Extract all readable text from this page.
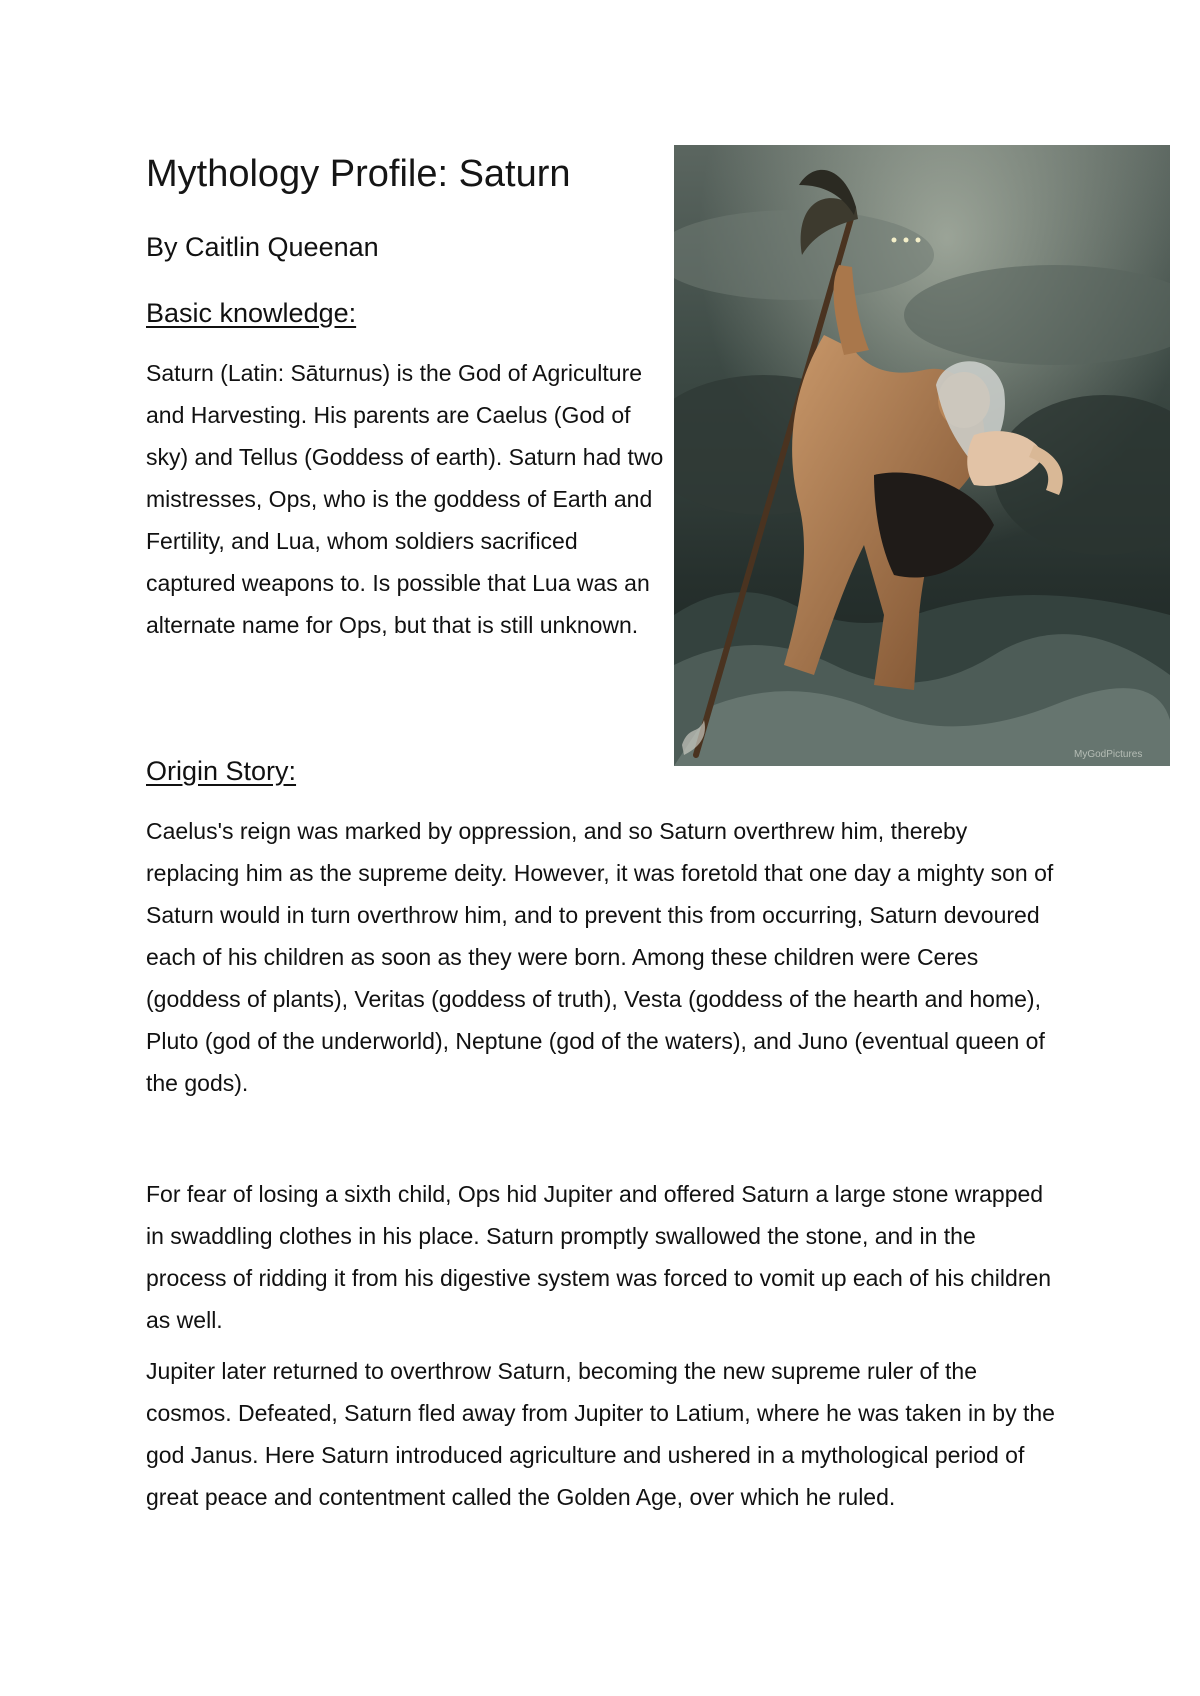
Mythology Profile: Saturn

By Caitlin Queenan

Basic knowledge:

Saturn (Latin: Sāturnus) is the God of Agriculture and Harvesting. His parents are Caelus (God of sky) and Tellus (Goddess of earth). Saturn had two mistresses, Ops, who is the goddess of Earth and Fertility, and Lua, whom soldiers sacrificed captured weapons to. Is possible that Lua was an alternate name for Ops, but that is still unknown.

MyGodPictures
Origin Story:

Caelus's reign was marked by oppression, and so Saturn overthrew him, thereby replacing him as the supreme deity. However, it was foretold that one day a mighty son of Saturn would in turn overthrow him, and to prevent this from occurring, Saturn devoured each of his children as soon as they were born. Among these children were Ceres (goddess of plants), Veritas (goddess of truth), Vesta (goddess of the hearth and home), Pluto (god of the underworld), Neptune (god of the waters), and Juno (eventual queen of the gods).

For fear of losing a sixth child, Ops hid Jupiter and offered Saturn a large stone wrapped in swaddling clothes in his place. Saturn promptly swallowed the stone, and in the process of ridding it from his digestive system was forced to vomit up each of his children as well.

Jupiter later returned to overthrow Saturn, becoming the new supreme ruler of the cosmos. Defeated, Saturn fled away from Jupiter to Latium, where he was taken in by the god Janus. Here Saturn introduced agriculture and ushered in a mythological period of great peace and contentment called the Golden Age, over which he ruled.
